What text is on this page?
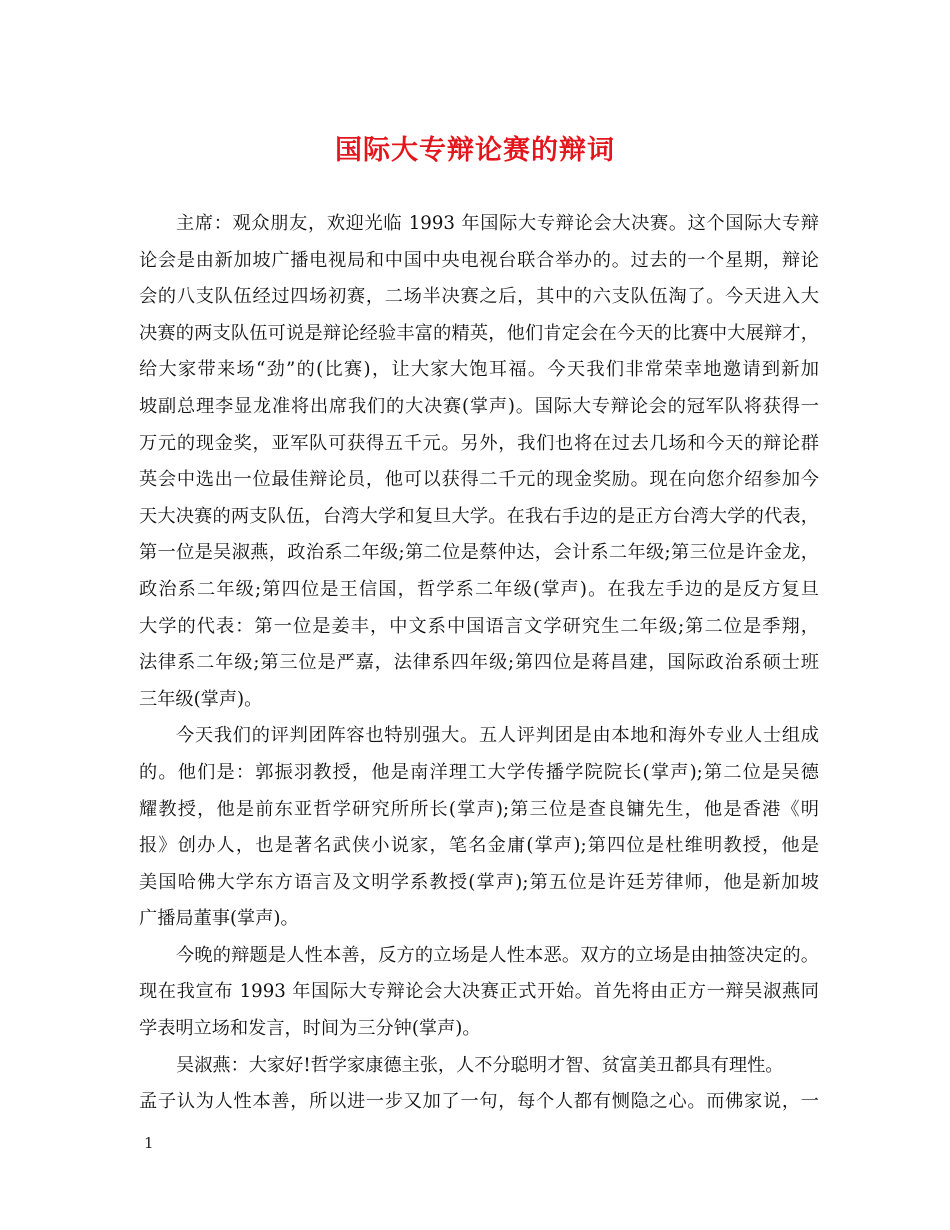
国际大专辩论赛的辩词
主席：观众朋友，欢迎光临 1993 年国际大专辩论会大决赛。这个国际大专辩
论会是由新加坡广播电视局和中国中央电视台联合举办的。过去的一个星期，辩论
会的八支队伍经过四场初赛，二场半决赛之后，其中的六支队伍淘了。今天进入大
决赛的两支队伍可说是辩论经验丰富的精英，他们肯定会在今天的比赛中大展辩才，
给大家带来场“劲”的(比赛)，让大家大饱耳福。今天我们非常荣幸地邀请到新加
坡副总理李显龙准将出席我们的大决赛(掌声)。国际大专辩论会的冠军队将获得一
万元的现金奖，亚军队可获得五千元。另外，我们也将在过去几场和今天的辩论群
英会中选出一位最佳辩论员，他可以获得二千元的现金奖励。现在向您介绍参加今
天大决赛的两支队伍，台湾大学和复旦大学。在我右手边的是正方台湾大学的代表，
第一位是吴淑燕，政治系二年级;第二位是蔡仲达，会计系二年级;第三位是许金龙，
政治系二年级;第四位是王信国，哲学系二年级(掌声)。在我左手边的是反方复旦
大学的代表：第一位是姜丰，中文系中国语言文学研究生二年级;第二位是季翔，
法律系二年级;第三位是严嘉，法律系四年级;第四位是蒋昌建，国际政治系硕士班
三年级(掌声)。
今天我们的评判团阵容也特别强大。五人评判团是由本地和海外专业人士组成
的。他们是：郭振羽教授，他是南洋理工大学传播学院院长(掌声);第二位是吴德
耀教授，他是前东亚哲学研究所所长(掌声);第三位是查良镛先生，他是香港《明
报》创办人，也是著名武侠小说家，笔名金庸(掌声);第四位是杜维明教授，他是
美国哈佛大学东方语言及文明学系教授(掌声);第五位是许廷芳律师，他是新加坡
广播局董事(掌声)。
今晚的辩题是人性本善，反方的立场是人性本恶。双方的立场是由抽签决定的。
现在我宣布 1993 年国际大专辩论会大决赛正式开始。首先将由正方一辩吴淑燕同
学表明立场和发言，时间为三分钟(掌声)。
吴淑燕：大家好!哲学家康德主张，人不分聪明才智、贫富美丑都具有理性。
孟子认为人性本善，所以进一步又加了一句，每个人都有恻隐之心。而佛家说，一
1
